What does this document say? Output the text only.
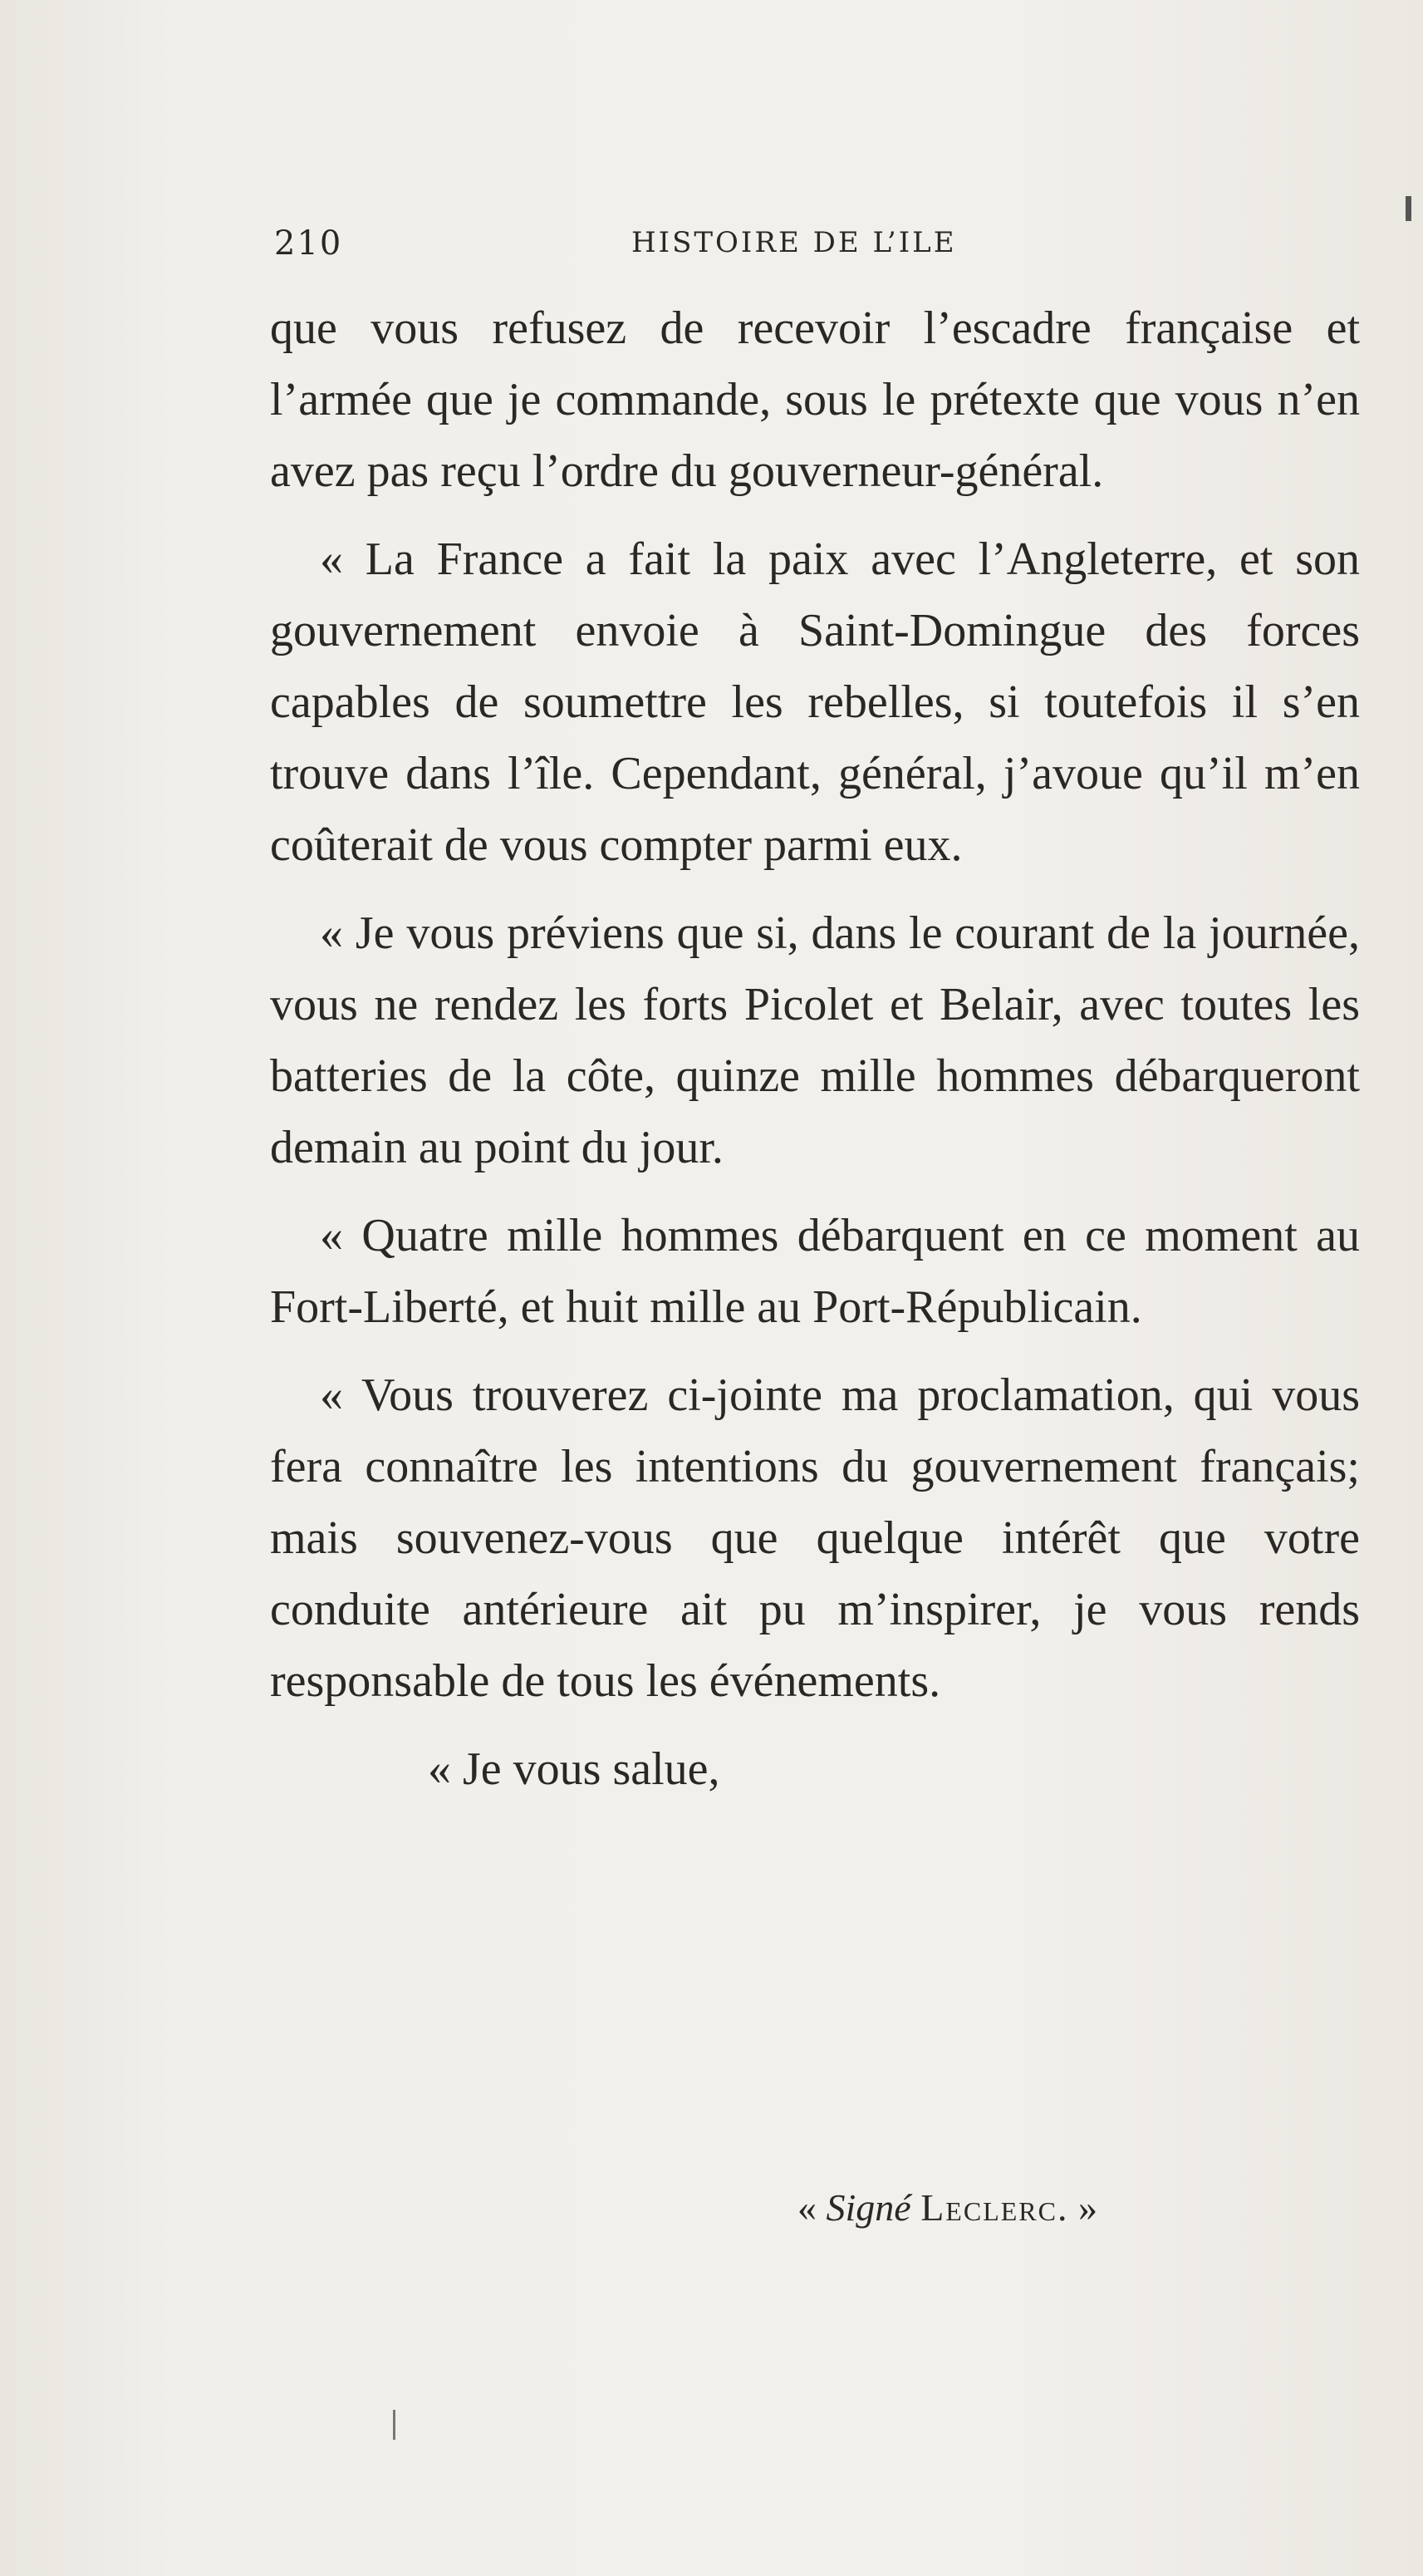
210	HISTOIRE DE L’ILE

que vous refusez de recevoir l’escadre française et l’armée que je commande, sous le prétexte que vous n’en avez pas reçu l’ordre du gouverneur-général.

« La France a fait la paix avec l’Angleterre, et son gouvernement envoie à Saint-Domingue des forces capables de soumettre les rebelles, si toutefois il s’en trouve dans l’île. Cependant, général, j’avoue qu’il m’en coûterait de vous compter parmi eux.

« Je vous préviens que si, dans le courant de la journée, vous ne rendez les forts Picolet et Belair, avec toutes les batteries de la côte, quinze mille hommes débarqueront demain au point du jour.

« Quatre mille hommes débarquent en ce moment au Fort-Liberté, et huit mille au Port-Républicain.

« Vous trouverez ci-jointe ma proclamation, qui vous fera connaître les intentions du gouvernement français; mais souvenez-vous que quelque intérêt que votre conduite antérieure ait pu m’inspirer, je vous rends responsable de tous les événements.

« Je vous salue,

« Signé Leclerc. »
